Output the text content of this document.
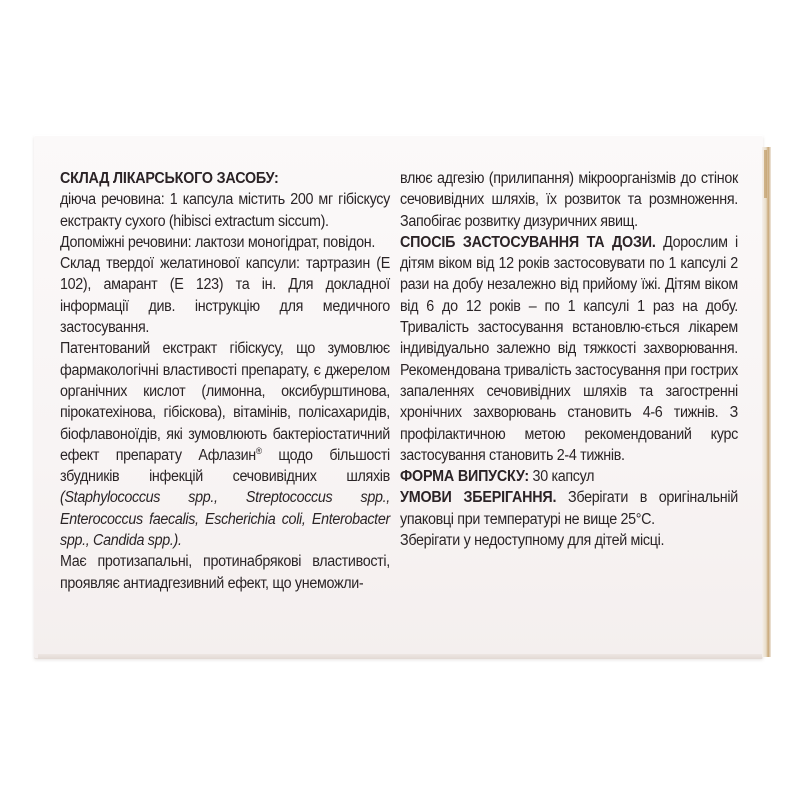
СКЛАД ЛІКАРСЬКОГО ЗАСОБУ:

діюча речовина: 1 капсула містить 200 мг гібіскусу екстракту сухого (hibisci extractum siccum).

Допоміжні речовини: лактози моногідрат, повідон.

Склад твердої желатинової капсули: тартразин (Е 102), амарант (Е 123) та ін. Для докладної інформації див. інструкцію для медичного застосування.

Патентований екстракт гібіскусу, що зумовлює фармакологічні властивості препарату, є джерелом органічних кислот (лимонна, оксибурштинова, пірокатехінова, гібіскова), вітамінів, полісахаридів, біофлавоноїдів, які зумовлюють бактеріостатичний ефект препарату Афлазин® щодо більшості збудників інфекцій сечовивідних шляхів (Staphylococcus spp., Streptococcus spp., Enterococcus faecalis, Escherichia coli, Enterobacter spp., Candida spp.).

Має протизапальні, протинабрякові властивості, проявляє антиадгезивний ефект, що унеможли-

влює адгезію (прилипання) мікроорганізмів до стінок сечовивідних шляхів, їх розвиток та розмноження. Запобігає розвитку дизуричних явищ.

СПОСІБ ЗАСТОСУВАННЯ ТА ДОЗИ. Дорослим і дітям віком від 12 років застосовувати по 1 капсулі 2 рази на добу незалежно від прийому їжі. Дітям віком від 6 до 12 років – по 1 капсулі 1 раз на добу. Тривалість застосування встановлю-ється лікарем індивідуально залежно від тяжкості захворювання. Рекомендована тривалість застосування при гострих запаленнях сечовивідних шляхів та загостренні хронічних захворювань становить 4-6 тижнів. З профілактичною метою рекомендований курс застосування становить 2-4 тижнів.

ФОРМА ВИПУСКУ: 30 капсул

УМОВИ ЗБЕРІГАННЯ. Зберігати в оригінальній упаковці при температурі не вище 25°С.

Зберігати у недоступному для дітей місці.
